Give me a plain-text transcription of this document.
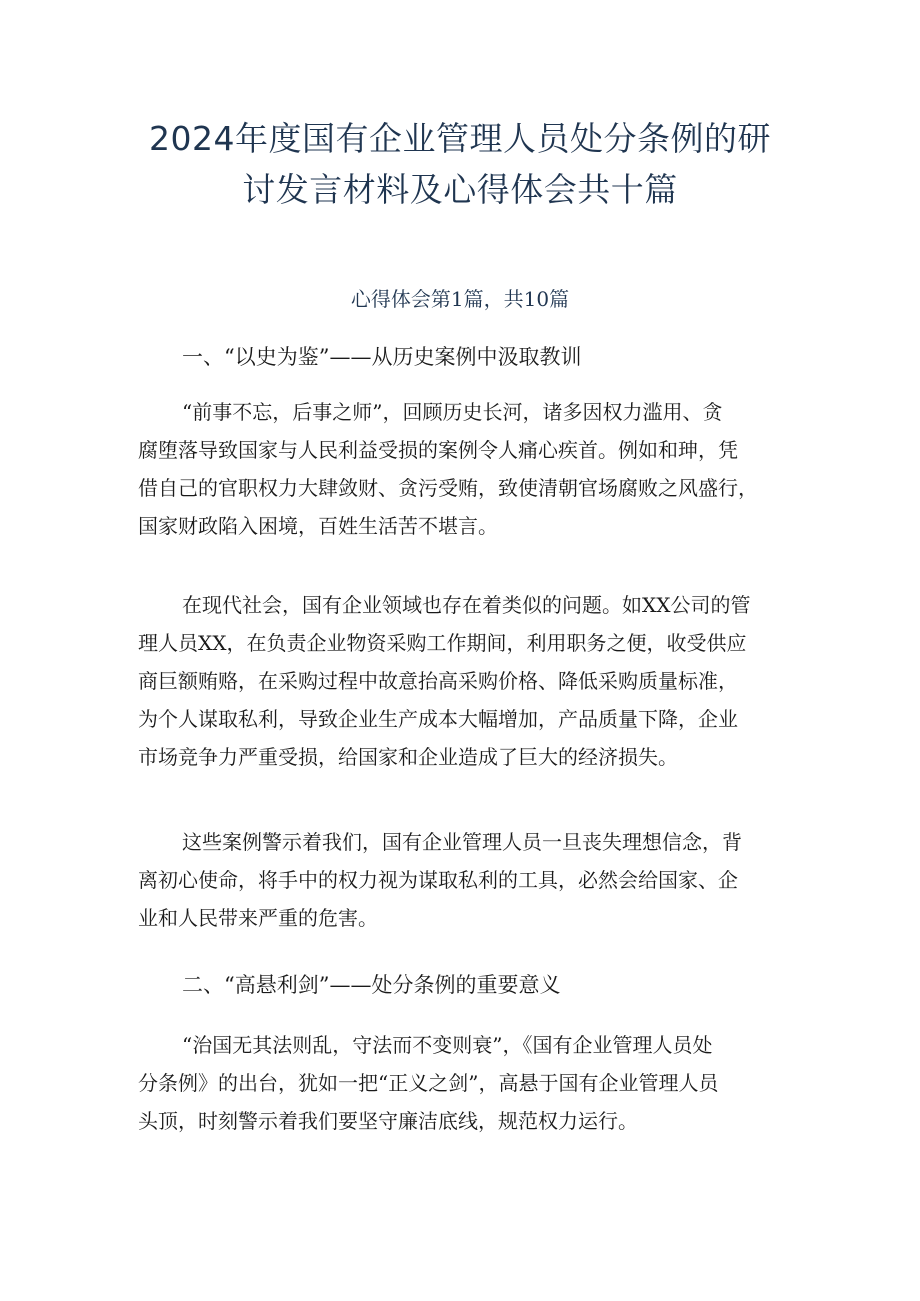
2024年度国有企业管理人员处分条例的研
讨发言材料及心得体会共十篇
心得体会第1篇，共10篇
一、“以史为鉴”——从历史案例中汲取教训
“前事不忘，后事之师”，回顾历史长河，诸多因权力滥用、贪
腐堕落导致国家与人民利益受损的案例令人痛心疾首。例如和珅，凭
借自己的官职权力大肆敛财、贪污受贿，致使清朝官场腐败之风盛行，
国家财政陷入困境，百姓生活苦不堪言。
在现代社会，国有企业领域也存在着类似的问题。如XX公司的管
理人员XX，在负责企业物资采购工作期间，利用职务之便，收受供应
商巨额贿赂，在采购过程中故意抬高采购价格、降低采购质量标准，
为个人谋取私利，导致企业生产成本大幅增加，产品质量下降，企业
市场竞争力严重受损，给国家和企业造成了巨大的经济损失。
这些案例警示着我们，国有企业管理人员一旦丧失理想信念，背
离初心使命，将手中的权力视为谋取私利的工具，必然会给国家、企
业和人民带来严重的危害。
二、“高悬利剑”——处分条例的重要意义
“治国无其法则乱，守法而不变则衰”，《国有企业管理人员处
分条例》的出台，犹如一把“正义之剑”，高悬于国有企业管理人员
头顶，时刻警示着我们要坚守廉洁底线，规范权力运行。
